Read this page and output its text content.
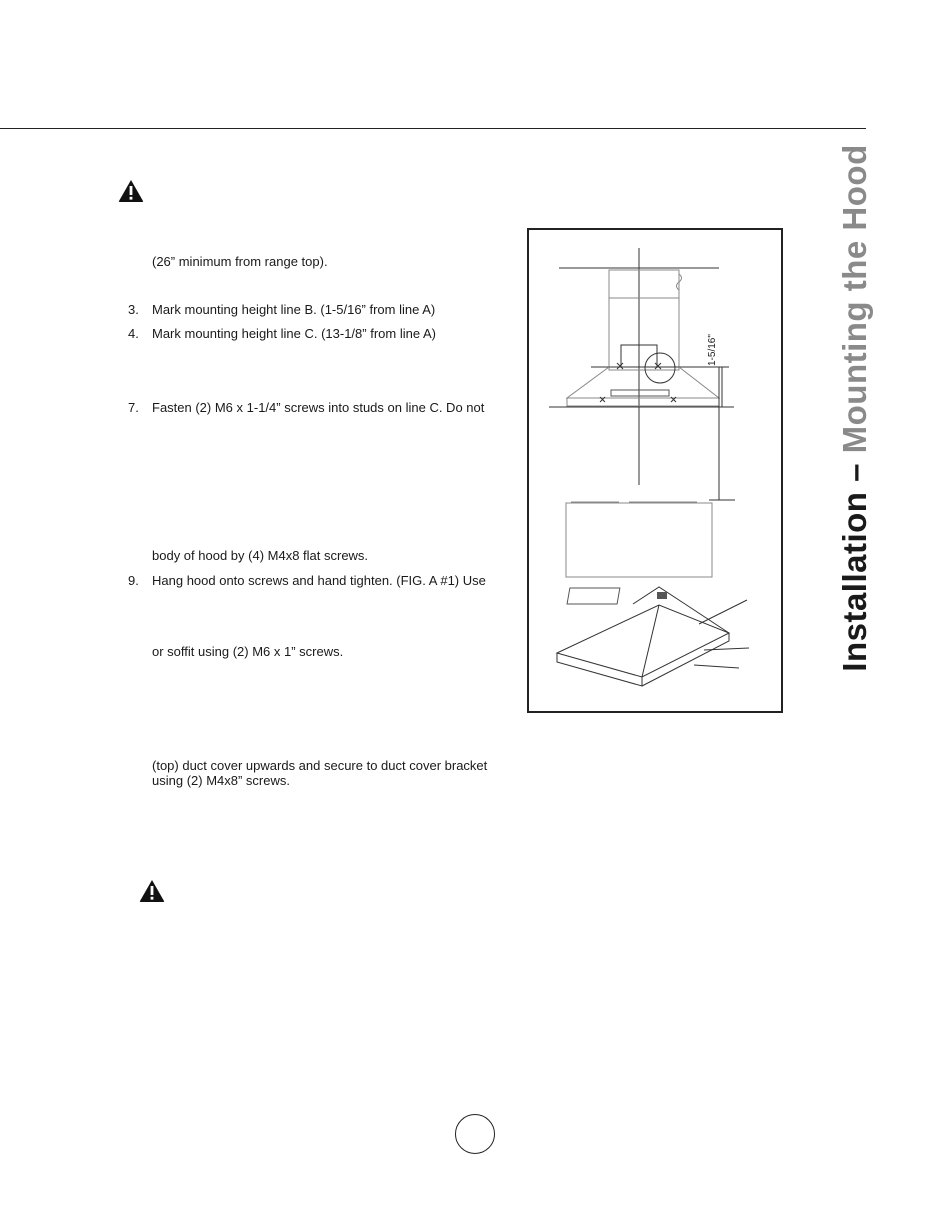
(26” minimum from range top).
3. Mark mounting height line B. (1-5/16” from line A)
4. Mark mounting height line C. (13-1/8” from line A)
7. Fasten (2) M6 x 1-1/4” screws into studs on line C. Do not
body of hood by (4) M4x8 flat screws.
9. Hang hood onto screws and hand tighten. (FIG. A #1) Use
or soffit using (2) M6 x 1” screws.
(top) duct cover upwards and secure to duct cover bracket
using (2) M4x8” screws.
1-5/16"
Installation – Mounting the Hood
